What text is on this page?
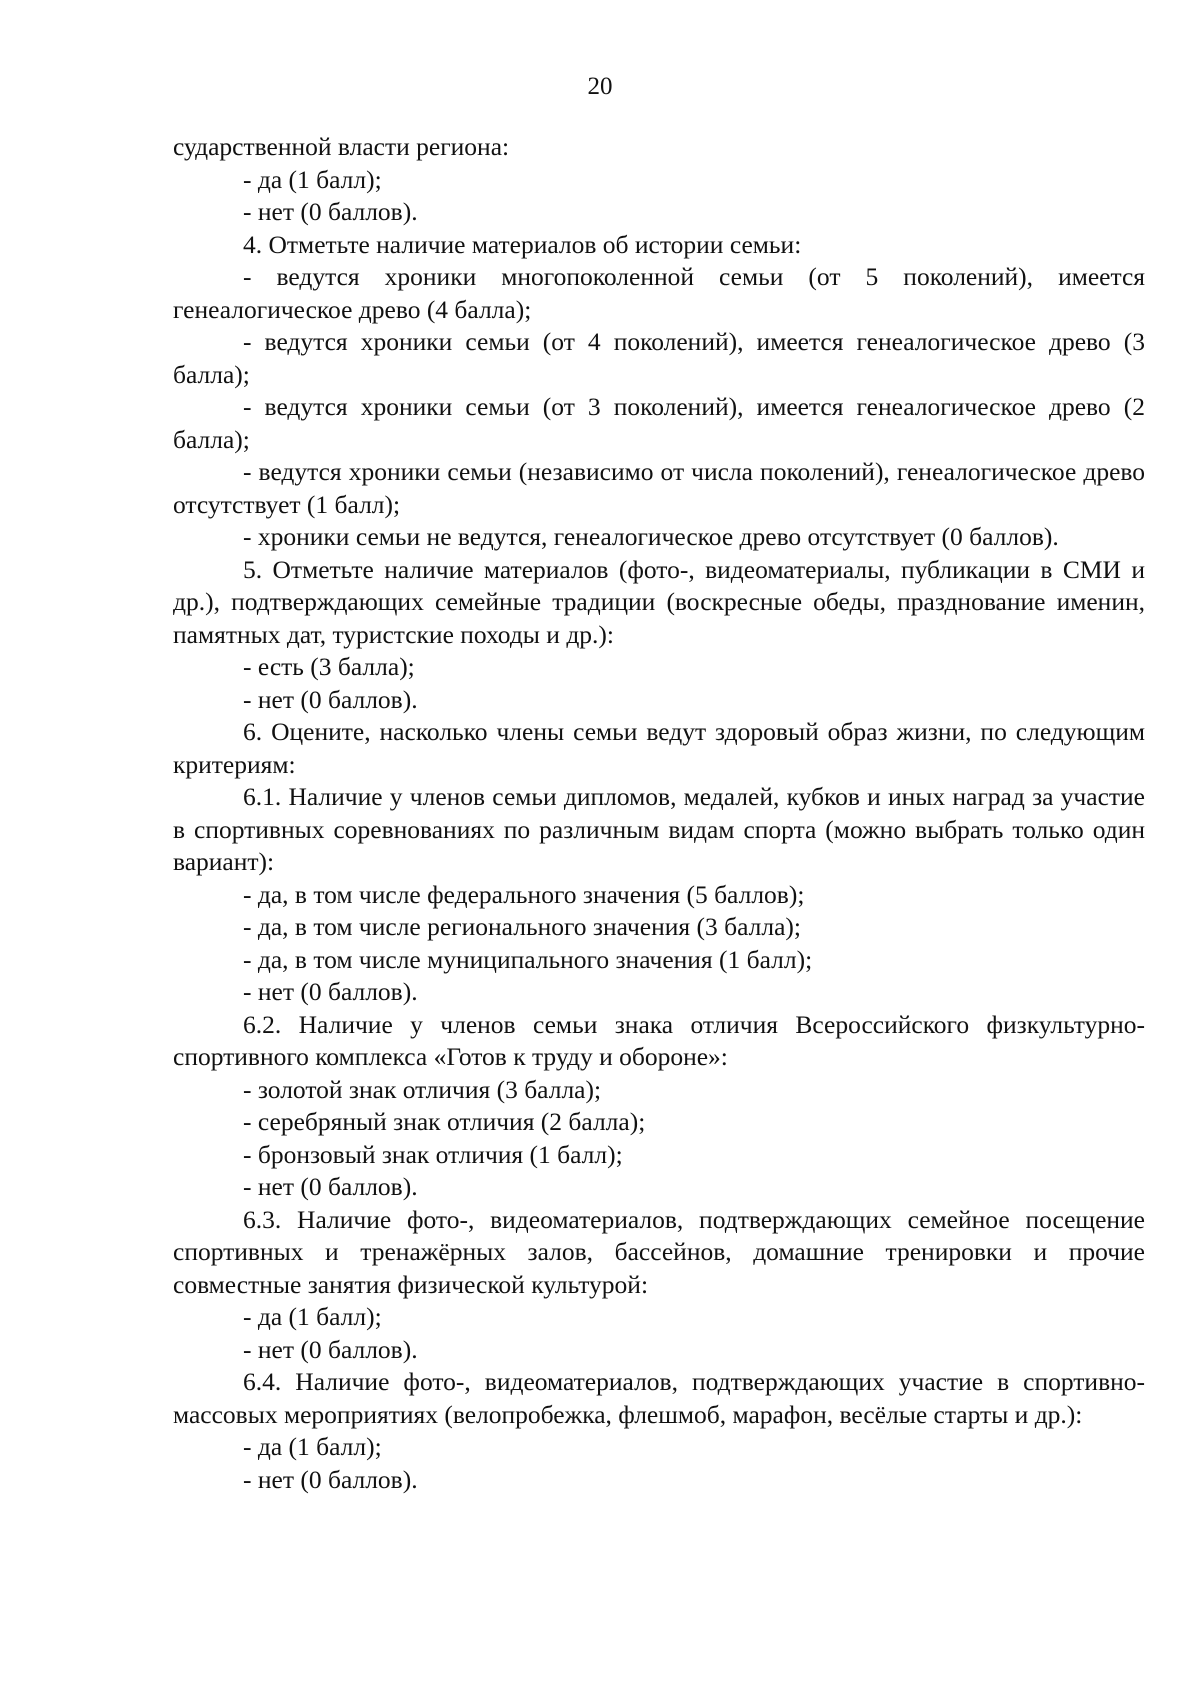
20

сударственной власти региона:

- да (1 балл);

- нет (0 баллов).

4. Отметьте наличие материалов об истории семьи:

- ведутся хроники многопоколенной семьи (от 5 поколений), имеется генеалогическое древо (4 балла);

- ведутся хроники семьи (от 4 поколений), имеется генеалогическое древо (3 балла);

- ведутся хроники семьи (от 3 поколений), имеется генеалогическое древо (2 балла);

- ведутся хроники семьи (независимо от числа поколений), генеалогическое древо отсутствует (1 балл);

- хроники семьи не ведутся, генеалогическое древо отсутствует (0 баллов).

5. Отметьте наличие материалов (фото-, видеоматериалы, публикации в СМИ и др.), подтверждающих семейные традиции (воскресные обеды, празднование именин, памятных дат, туристские походы и др.):

- есть (3 балла);

- нет (0 баллов).

6. Оцените, насколько члены семьи ведут здоровый образ жизни, по следующим критериям:

6.1. Наличие у членов семьи дипломов, медалей, кубков и иных наград за участие в спортивных соревнованиях по различным видам спорта (можно выбрать только один вариант):

- да, в том числе федерального значения (5 баллов);

- да, в том числе регионального значения (3 балла);

- да, в том числе муниципального значения (1 балл);

- нет (0 баллов).

6.2. Наличие у членов семьи знака отличия Всероссийского физкультурно-спортивного комплекса «Готов к труду и обороне»:

- золотой знак отличия (3 балла);

- серебряный знак отличия (2 балла);

- бронзовый знак отличия (1 балл);

- нет (0 баллов).

6.3. Наличие фото-, видеоматериалов, подтверждающих семейное посещение спортивных и тренажёрных залов, бассейнов, домашние тренировки и прочие совместные занятия физической культурой:

- да (1 балл);

- нет (0 баллов).

6.4. Наличие фото-, видеоматериалов, подтверждающих участие в спортивно-массовых мероприятиях (велопробежка, флешмоб, марафон, весёлые старты и др.):

- да (1 балл);

- нет (0 баллов).
